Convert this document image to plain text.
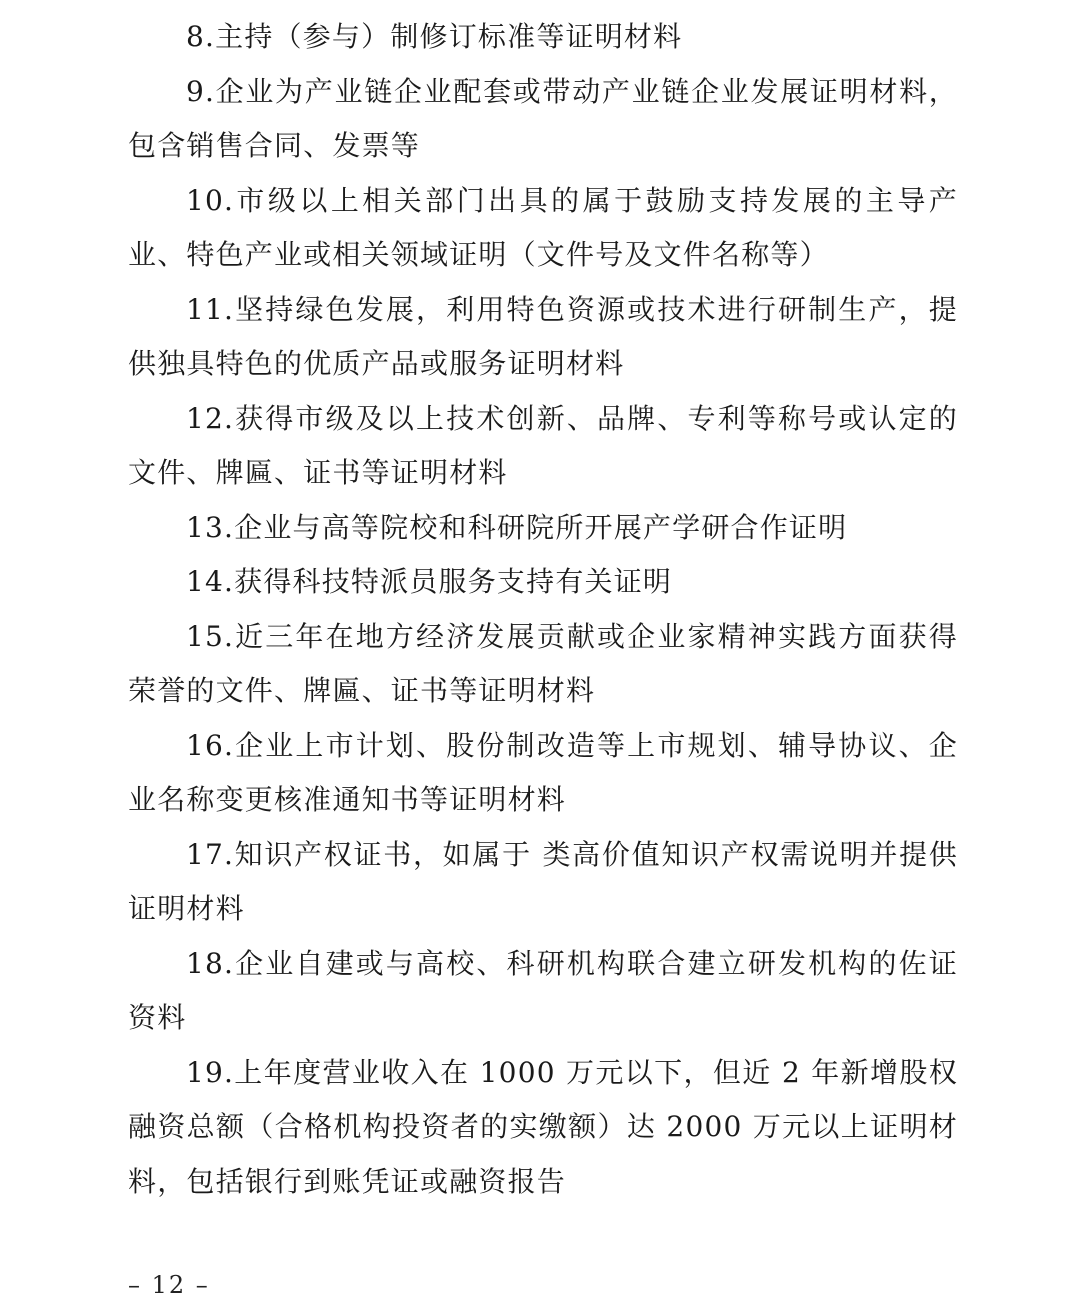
8.主持（参与）制修订标准等证明材料

9.企业为产业链企业配套或带动产业链企业发展证明材料，包含销售合同、发票等

10.市级以上相关部门出具的属于鼓励支持发展的主导产业、特色产业或相关领域证明（文件号及文件名称等）

11.坚持绿色发展，利用特色资源或技术进行研制生产，提供独具特色的优质产品或服务证明材料

12.获得市级及以上技术创新、品牌、专利等称号或认定的文件、牌匾、证书等证明材料

13.企业与高等院校和科研院所开展产学研合作证明

14.获得科技特派员服务支持有关证明

15.近三年在地方经济发展贡献或企业家精神实践方面获得荣誉的文件、牌匾、证书等证明材料

16.企业上市计划、股份制改造等上市规划、辅导协议、企业名称变更核准通知书等证明材料

17.知识产权证书，如属于 类高价值知识产权需说明并提供证明材料

18.企业自建或与高校、科研机构联合建立研发机构的佐证资料

19.上年度营业收入在 1000 万元以下，但近 2 年新增股权融资总额（合格机构投资者的实缴额）达 2000 万元以上证明材料，包括银行到账凭证或融资报告

– 12 –
